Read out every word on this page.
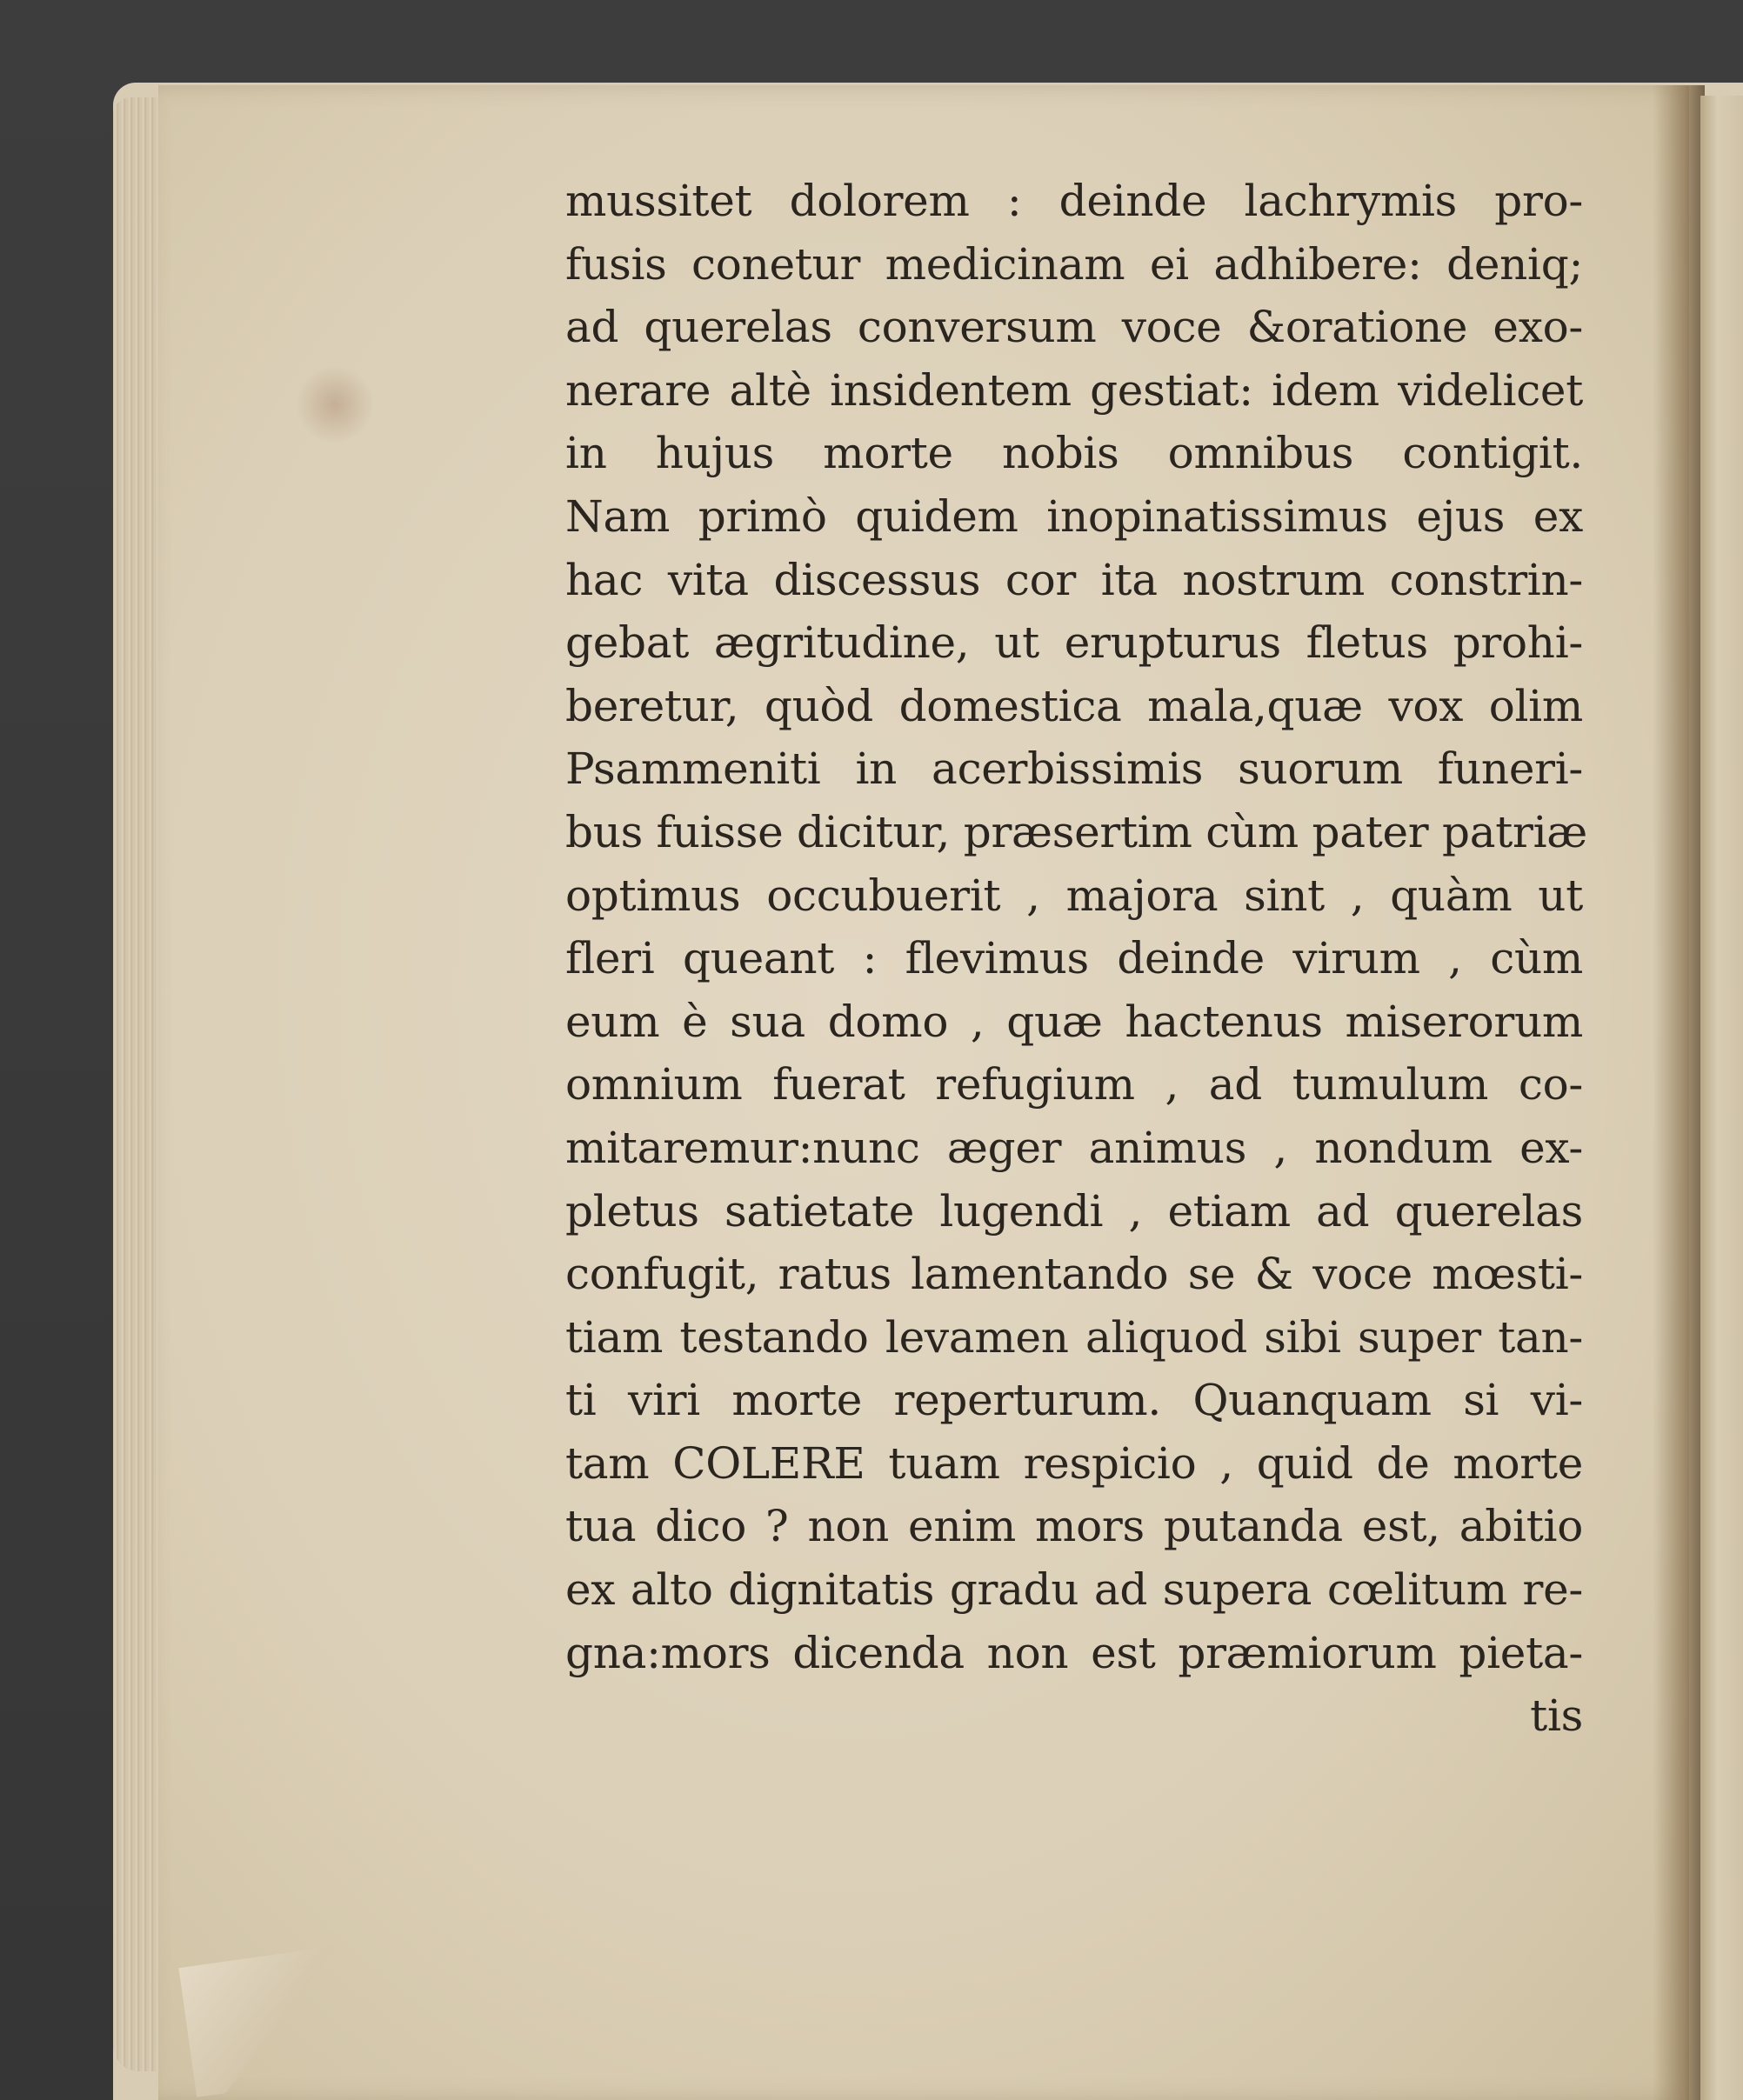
mussitet dolorem : deinde lachrymis pro-
fusis conetur medicinam ei adhibere: deniq;
ad querelas conversum voce &oratione exo-
nerare altè insidentem gestiat: idem videlicet
in hujus morte nobis omnibus contigit.
Nam primò quidem inopinatissimus ejus ex
hac vita discessus cor ita nostrum constrin-
gebat ægritudine, ut erupturus fletus prohi-
beretur, quòd domestica mala,quæ vox olim
Psammeniti in acerbissimis suorum funeri-
bus fuisse dicitur, præsertim cùm pater patriæ
optimus occubuerit , majora sint , quàm ut
fleri queant : flevimus deinde virum , cùm
eum è sua domo , quæ hactenus miserorum
omnium fuerat refugium , ad tumulum co-
mitaremur:nunc æger animus , nondum ex-
pletus satietate lugendi , etiam ad querelas
confugit, ratus lamentando se & voce mœsti-
tiam testando levamen aliquod sibi super tan-
ti viri morte reperturum. Quanquam si vi-
tam COLERE tuam respicio , quid de morte
tua dico ? non enim mors putanda est, abitio
ex alto dignitatis gradu ad supera cœlitum re-
gna:mors dicenda non est præmiorum pieta-
tis
